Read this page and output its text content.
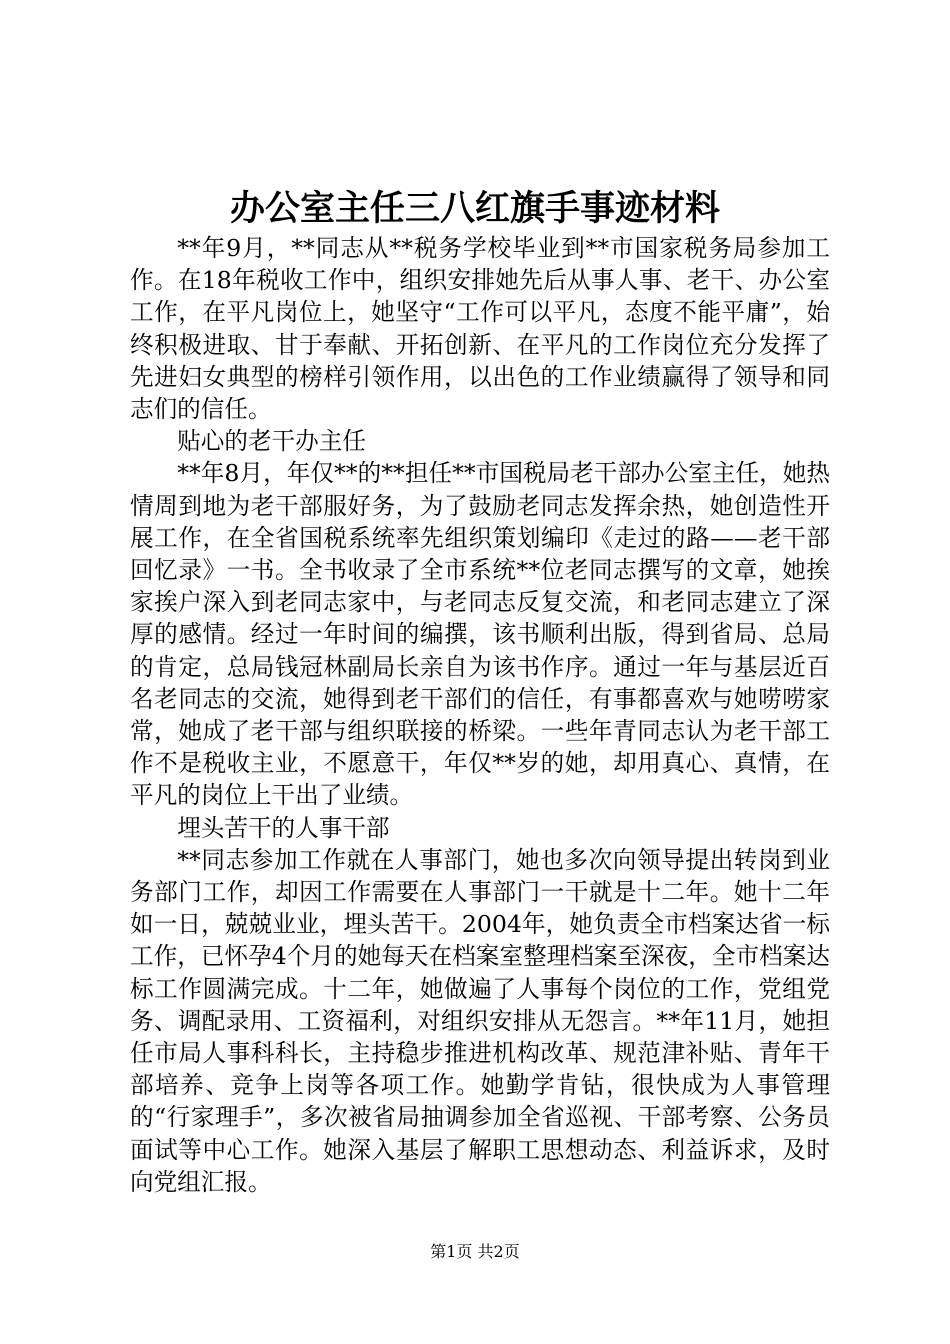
办公室主任三八红旗手事迹材料

**年9月，**同志从**税务学校毕业到**市国家税务局参加工作。在18年税收工作中，组织安排她先后从事人事、老干、办公室工作，在平凡岗位上，她坚守“工作可以平凡，态度不能平庸”，始终积极进取、甘于奉献、开拓创新、在平凡的工作岗位充分发挥了先进妇女典型的榜样引领作用，以出色的工作业绩赢得了领导和同志们的信任。

贴心的老干办主任

**年8月，年仅**的**担任**市国税局老干部办公室主任，她热情周到地为老干部服好务，为了鼓励老同志发挥余热，她创造性开展工作，在全省国税系统率先组织策划编印《走过的路——老干部回忆录》一书。全书收录了全市系统**位老同志撰写的文章，她挨家挨户深入到老同志家中，与老同志反复交流，和老同志建立了深厚的感情。经过一年时间的编撰，该书顺利出版，得到省局、总局的肯定，总局钱冠林副局长亲自为该书作序。通过一年与基层近百名老同志的交流，她得到老干部们的信任，有事都喜欢与她唠唠家常，她成了老干部与组织联接的桥梁。一些年青同志认为老干部工作不是税收主业，不愿意干，年仅**岁的她，却用真心、真情，在平凡的岗位上干出了业绩。

埋头苦干的人事干部

**同志参加工作就在人事部门，她也多次向领导提出转岗到业务部门工作，却因工作需要在人事部门一干就是十二年。她十二年如一日，兢兢业业，埋头苦干。2004年，她负责全市档案达省一标工作，已怀孕4个月的她每天在档案室整理档案至深夜，全市档案达标工作圆满完成。十二年，她做遍了人事每个岗位的工作，党组党务、调配录用、工资福利，对组织安排从无怨言。**年11月，她担任市局人事科科长，主持稳步推进机构改革、规范津补贴、青年干部培养、竞争上岗等各项工作。她勤学肯钻，很快成为人事管理的“行家理手”，多次被省局抽调参加全省巡视、干部考察、公务员面试等中心工作。她深入基层了解职工思想动态、利益诉求，及时向党组汇报。

第1页 共2页
